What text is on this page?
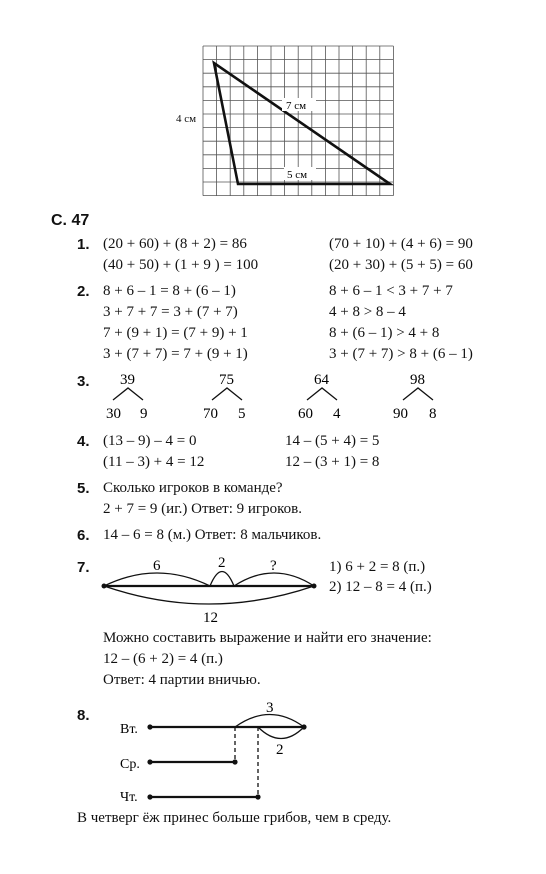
4 см
7 см
5 см
С. 47
1. (20 + 60) + (8 + 2) = 86	(70 + 10) + (4 + 6) = 90
(40 + 50) + (1 + 9 ) = 100	(20 + 30) + (5 + 5) = 60
2. 8 + 6 – 1 = 8 + (6 – 1)	8 + 6 – 1 < 3 + 7 + 7
3 + 7 + 7 = 3 + (7 + 7)	4 + 8 > 8 – 4
7 + (9 + 1) = (7 + 9) + 1	8 + (6 – 1) > 4 + 8
3 + (7 + 7) = 7 + (9 + 1)	3 + (7 + 7) > 8 + (6 – 1)
3. 39
30 9
75
70 5
64
60 4
98
90 8
4. (13 – 9) – 4 = 0	14 – (5 + 4) = 5
(11 – 3) + 4 = 12	12 – (3 + 1) = 8
5. Сколько игроков в команде?
2 + 7 = 9 (иг.) Ответ: 9 игроков.
6. 14 – 6 = 8 (м.) Ответ: 8 мальчиков.
7.	6	2	?
12
1) 6 + 2 = 8 (п.)
2) 12 – 8 = 4 (п.)
Можно составить выражение и найти его значение:
12 – (6 + 2) = 4 (п.)
Ответ: 4 партии вничью.
8.
Вт.
Ср.
Чт.
3
2
В четверг ёж принес больше грибов, чем в среду.
